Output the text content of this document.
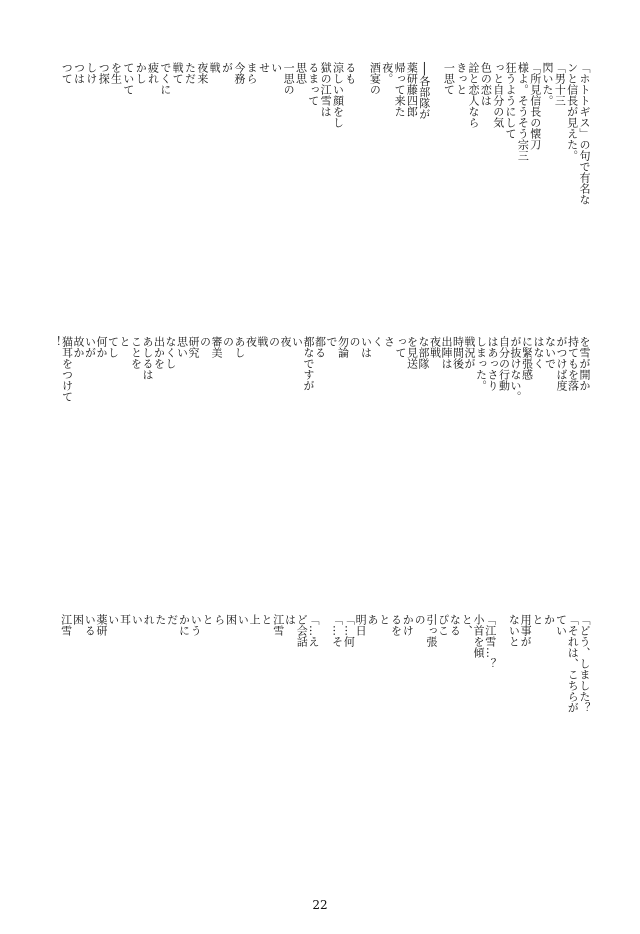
「ホトトギス」の句で有名な
ンと信長が見えた。
「男十三
閃いた。
「所見信長の懐刀
様よ。そうそう宗三
狂うようにして
っと自分の気
色の恋は
詮と恋人なら
きっと
一思て

──各部隊が
薬研藤四郎
帰って来た
夜。
酒宴の

るも
涼しい顔をし
獄の江雪は
るまって
思思
一思の
い
せ
まら
今務
が
戦
夜来
ただ
戦て
でくに
疲れ
かし
ていて
を生
つ探
しけ
つは
つて
を雪が開か
持てもを落
がつけば度
ないで
はなく
に緊張感
が抜けない。
自分の行動
はあっさり
しまった。
戦況が
時間後
出陣は
夜戦
な部隊
を見送
って
さ
く
いは
の
勿論
で
都る
都なですが
い
夜
の
戦
夜
あし
の
審美
の
研究
思い
なくし
出かを
あしるは
ことを
と
てし
何か
いが
故か
猫耳をつけて
！
「どう、しました？
「それは、こちらが
てい
か
と
用事が
ないと

「江雪…？
小首を傾
と、
なる
ぴこ
引っ張
の
かけ
るを
と
あ
明日
「…何
「…そ

「…え
ど会話
は
江雪
と
上
い
困
ら
と
いう
かに
だ
た
れ
い
耳
い
薬研
いる
困
江雪
22
